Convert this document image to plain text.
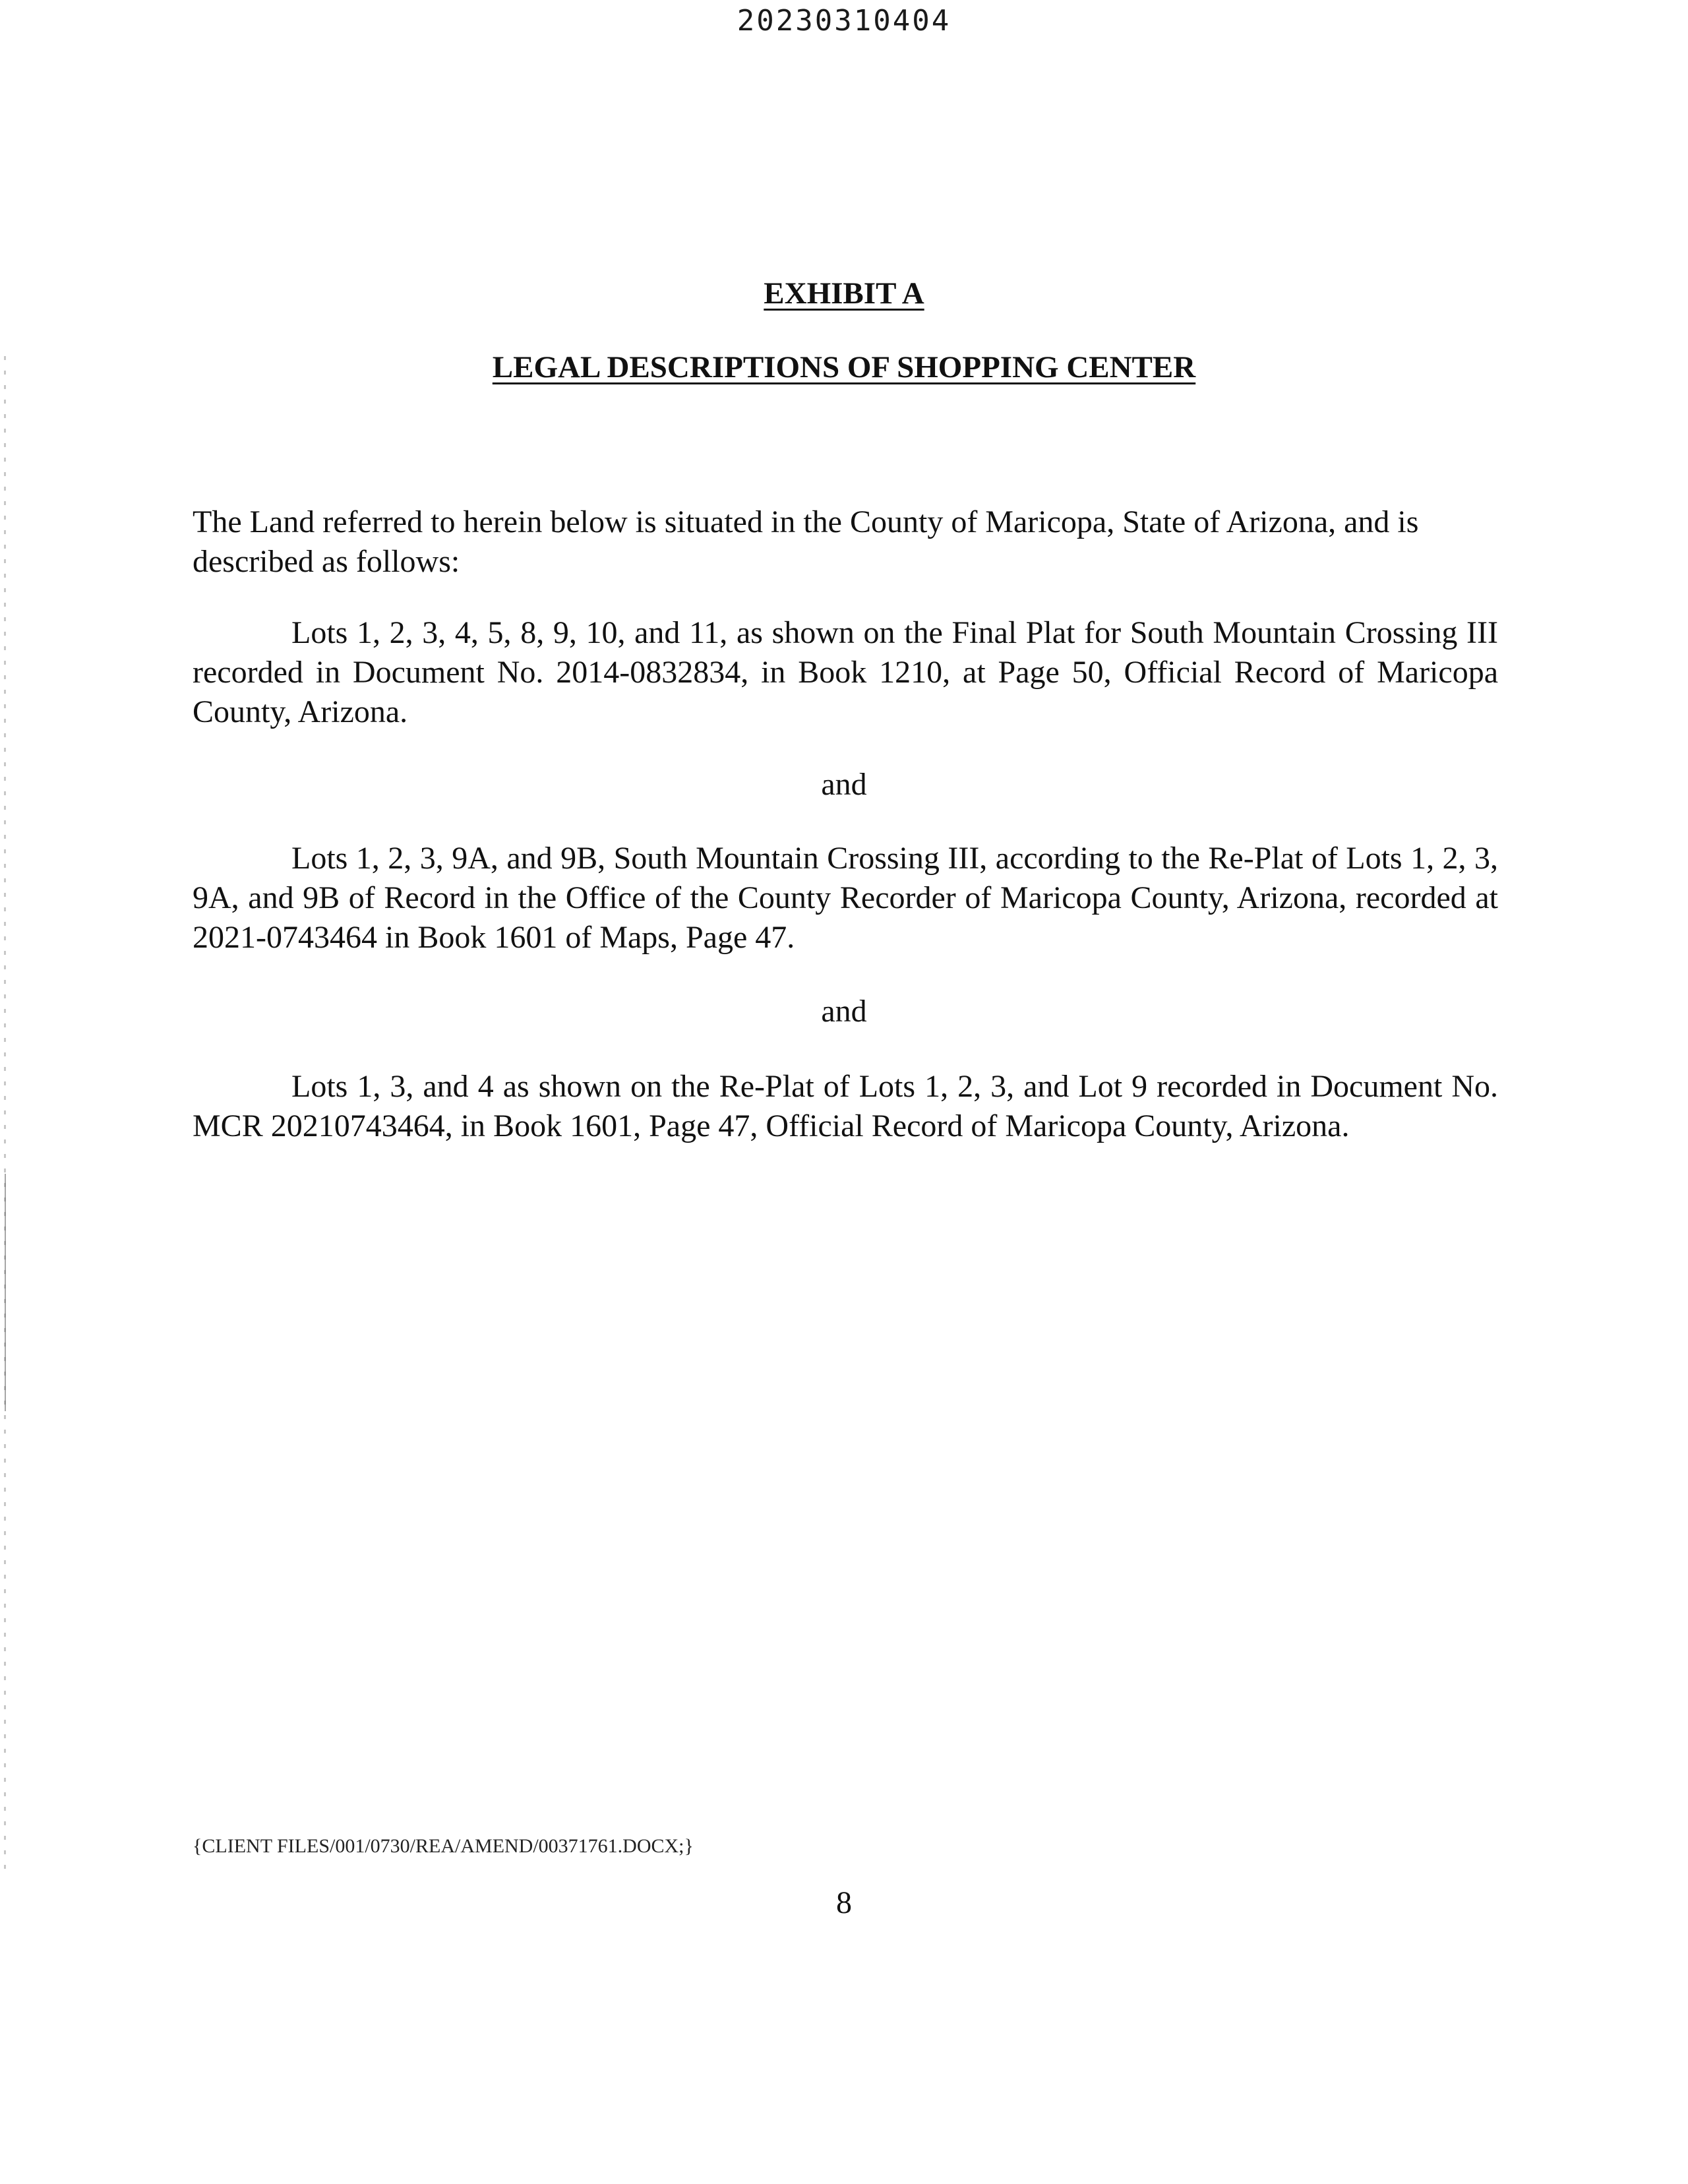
20230310404
EXHIBIT A
LEGAL DESCRIPTIONS OF SHOPPING CENTER

The Land referred to herein below is situated in the County of Maricopa, State of Arizona, and is described as follows:

Lots 1, 2, 3, 4, 5, 8, 9, 10, and 11, as shown on the Final Plat for South Mountain Crossing III recorded in Document No. 2014-0832834, in Book 1210, at Page 50, Official Record of Maricopa County, Arizona.

and

Lots 1, 2, 3, 9A, and 9B, South Mountain Crossing III, according to the Re-Plat of Lots 1, 2, 3, 9A, and 9B of Record in the Office of the County Recorder of Maricopa County, Arizona, recorded at 2021-0743464 in Book 1601 of Maps, Page 47.

and

Lots 1, 3, and 4 as shown on the Re-Plat of Lots 1, 2, 3, and Lot 9 recorded in Document No. MCR 20210743464, in Book 1601, Page 47, Official Record of Maricopa County, Arizona.

{CLIENT FILES/001/0730/REA/AMEND/00371761.DOCX;}
8
